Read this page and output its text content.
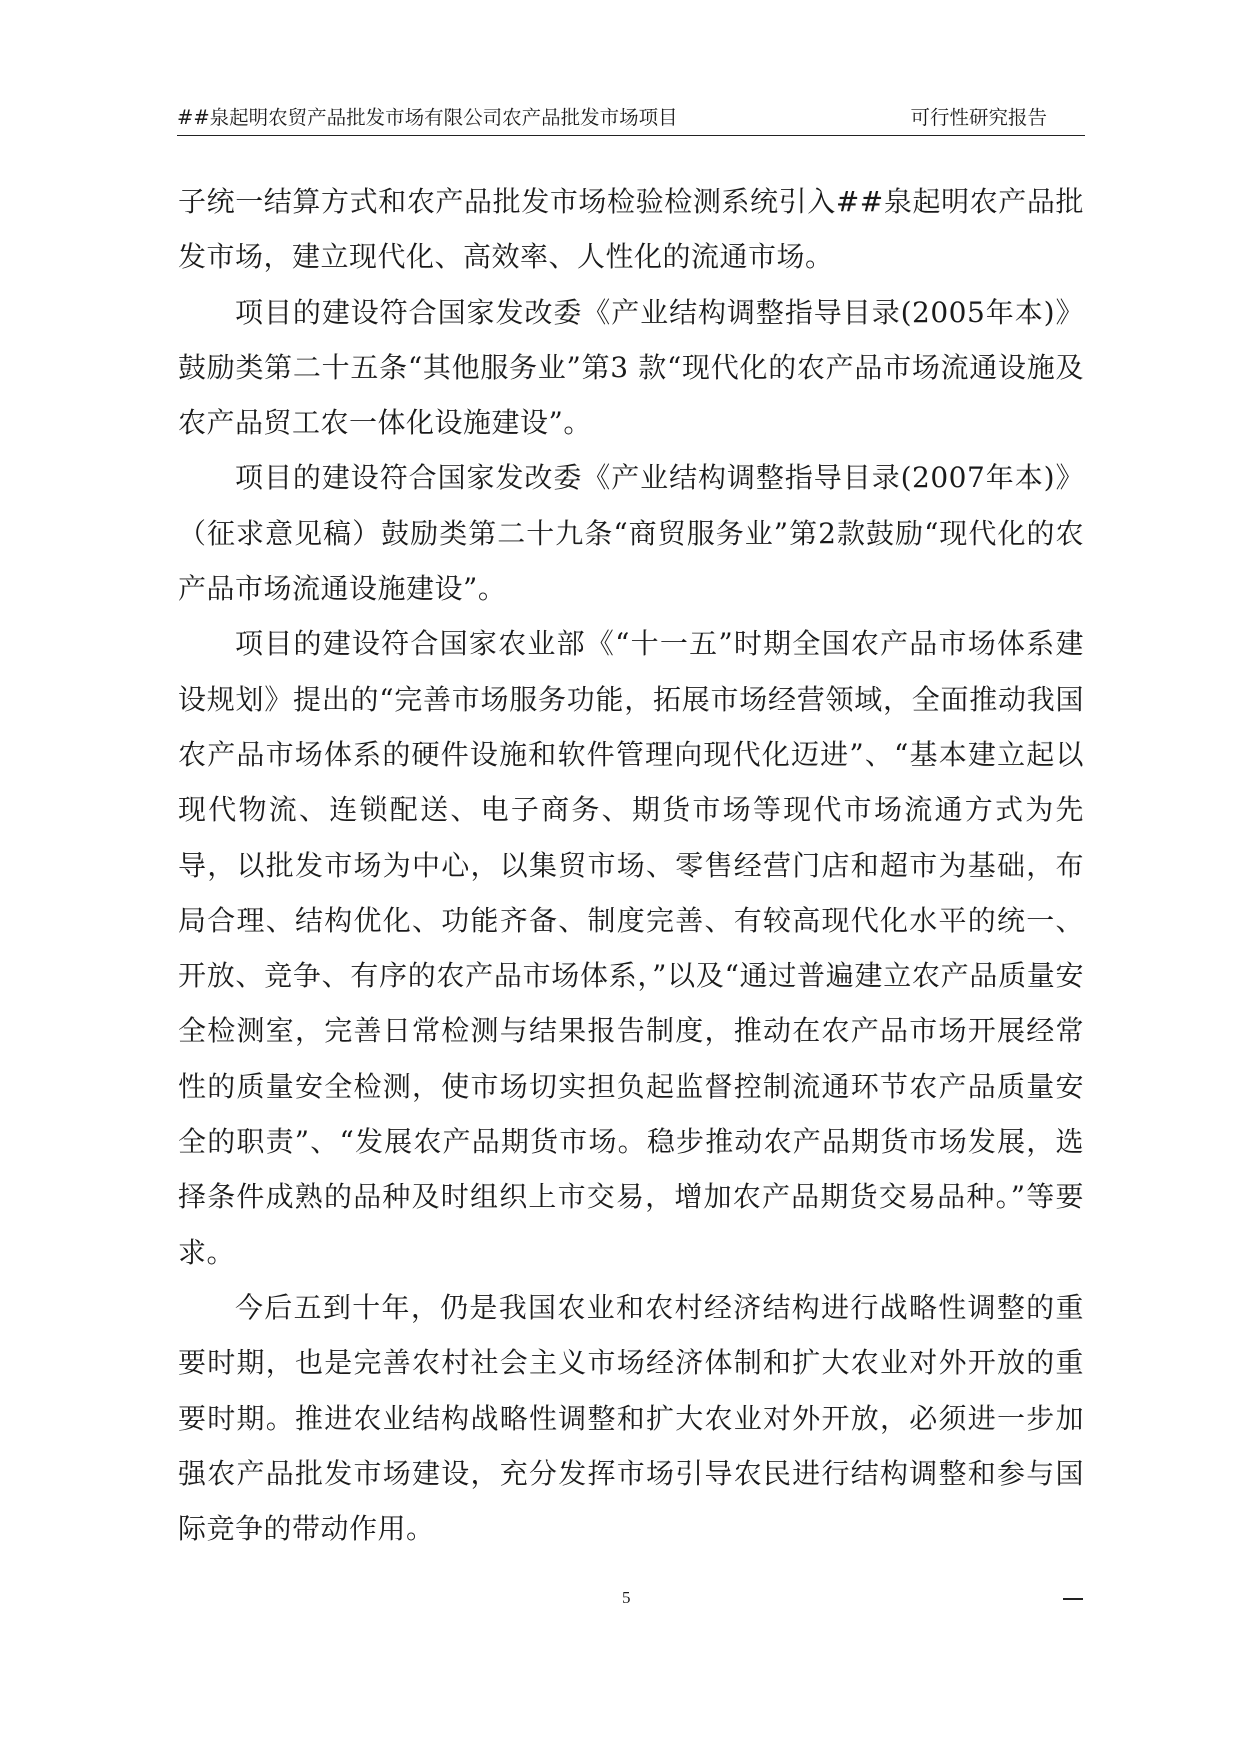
##泉起明农贸产品批发市场有限公司农产品批发市场项目	可行性研究报告

子统一结算方式和农产品批发市场检验检测系统引入##泉起明农产品批发市场，建立现代化、高效率、人性化的流通市场。

项目的建设符合国家发改委《产业结构调整指导目录(2005年本)》鼓励类第二十五条“其他服务业”第3 款“现代化的农产品市场流通设施及农产品贸工农一体化设施建设”。

项目的建设符合国家发改委《产业结构调整指导目录(2007年本)》（征求意见稿）鼓励类第二十九条“商贸服务业”第2款鼓励“现代化的农产品市场流通设施建设”。

项目的建设符合国家农业部《“十一五”时期全国农产品市场体系建设规划》提出的“完善市场服务功能，拓展市场经营领域，全面推动我国农产品市场体系的硬件设施和软件管理向现代化迈进”、“基本建立起以现代物流、连锁配送、电子商务、期货市场等现代市场流通方式为先导，以批发市场为中心，以集贸市场、零售经营门店和超市为基础，布局合理、结构优化、功能齐备、制度完善、有较高现代化水平的统一、开放、竞争、有序的农产品市场体系，”以及“通过普遍建立农产品质量安全检测室，完善日常检测与结果报告制度，推动在农产品市场开展经常性的质量安全检测，使市场切实担负起监督控制流通环节农产品质量安全的职责”、“发展农产品期货市场。稳步推动农产品期货市场发展，选择条件成熟的品种及时组织上市交易，增加农产品期货交易品种。”等要求。

今后五到十年，仍是我国农业和农村经济结构进行战略性调整的重要时期，也是完善农村社会主义市场经济体制和扩大农业对外开放的重要时期。推进农业结构战略性调整和扩大农业对外开放，必须进一步加强农产品批发市场建设，充分发挥市场引导农民进行结构调整和参与国际竞争的带动作用。

5
